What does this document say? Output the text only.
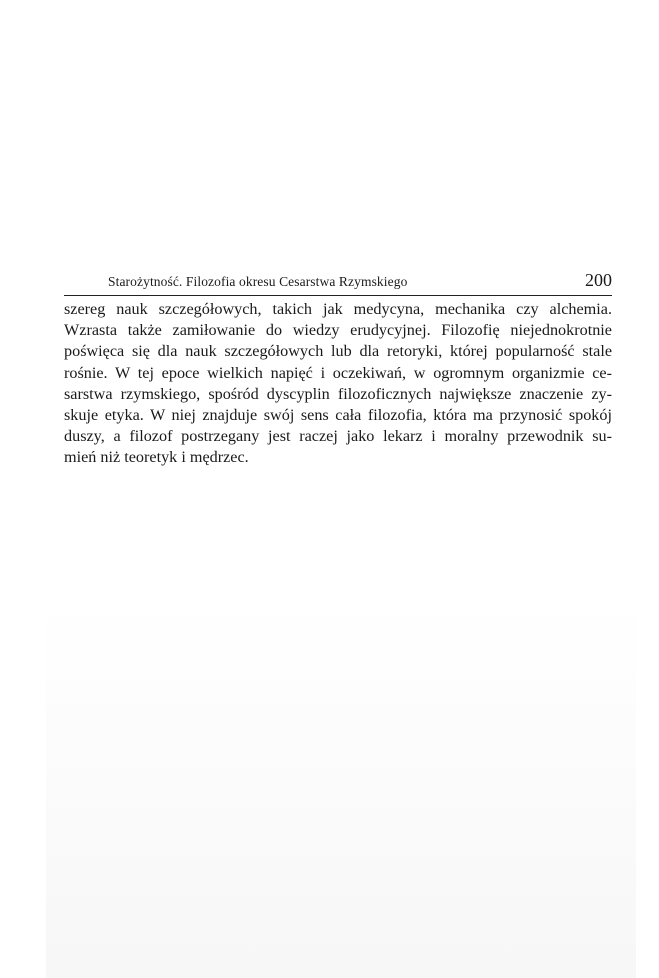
Starożytność. Filozofia okresu Cesarstwa Rzymskiego	200
szereg nauk szczegółowych, takich jak medycyna, mechanika czy alchemia.
Wzrasta także zamiłowanie do wiedzy erudycyjnej. Filozofię niejednokrotnie
poświęca się dla nauk szczegółowych lub dla retoryki, której popularność stale
rośnie. W tej epoce wielkich napięć i oczekiwań, w ogromnym organizmie ce-
sarstwa rzymskiego, spośród dyscyplin filozoficznych największe znaczenie zy-
skuje etyka. W niej znajduje swój sens cała filozofia, która ma przynosić spokój
duszy, a filozof postrzegany jest raczej jako lekarz i moralny przewodnik su-
mień niż teoretyk i mędrzec.
